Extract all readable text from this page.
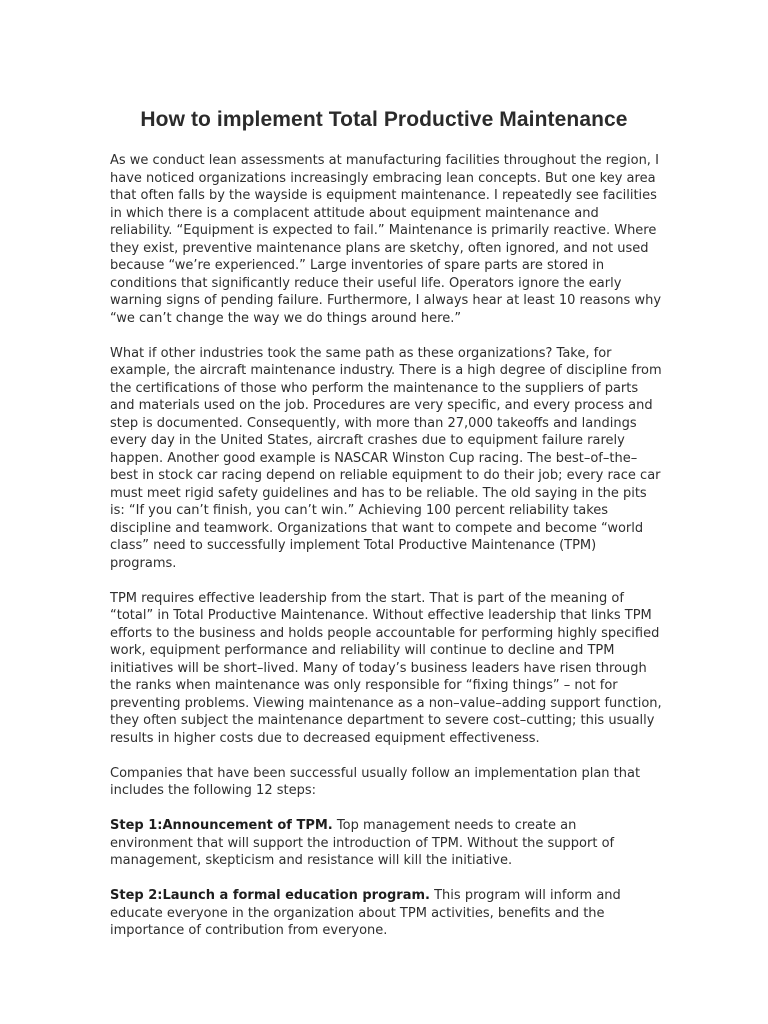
How to implement Total Productive Maintenance

As we conduct lean assessments at manufacturing facilities throughout the region, I have noticed organizations increasingly embracing lean concepts. But one key area that often falls by the wayside is equipment maintenance. I repeatedly see facilities in which there is a complacent attitude about equipment maintenance and reliability. “Equipment is expected to fail.” Maintenance is primarily reactive. Where they exist, preventive maintenance plans are sketchy, often ignored, and not used because “we’re experienced.” Large inventories of spare parts are stored in conditions that significantly reduce their useful life. Operators ignore the early warning signs of pending failure. Furthermore, I always hear at least 10 reasons why “we can’t change the way we do things around here.”

What if other industries took the same path as these organizations? Take, for example, the aircraft maintenance industry. There is a high degree of discipline from the certifications of those who perform the maintenance to the suppliers of parts and materials used on the job. Procedures are very specific, and every process and step is documented. Consequently, with more than 27,000 takeoffs and landings every day in the United States, aircraft crashes due to equipment failure rarely happen. Another good example is NASCAR Winston Cup racing. The best–of–the–best in stock car racing depend on reliable equipment to do their job; every race car must meet rigid safety guidelines and has to be reliable. The old saying in the pits is: “If you can’t finish, you can’t win.” Achieving 100 percent reliability takes discipline and teamwork. Organizations that want to compete and become “world class” need to successfully implement Total Productive Maintenance (TPM) programs.

TPM requires effective leadership from the start. That is part of the meaning of “total” in Total Productive Maintenance. Without effective leadership that links TPM efforts to the business and holds people accountable for performing highly specified work, equipment performance and reliability will continue to decline and TPM initiatives will be short–lived. Many of today’s business leaders have risen through the ranks when maintenance was only responsible for “fixing things” – not for preventing problems. Viewing maintenance as a non–value–adding support function, they often subject the maintenance department to severe cost–cutting; this usually results in higher costs due to decreased equipment effectiveness.

Companies that have been successful usually follow an implementation plan that includes the following 12 steps:

Step 1:Announcement of TPM. Top management needs to create an environment that will support the introduction of TPM. Without the support of management, skepticism and resistance will kill the initiative.

Step 2:Launch a formal education program. This program will inform and educate everyone in the organization about TPM activities, benefits and the importance of contribution from everyone.
